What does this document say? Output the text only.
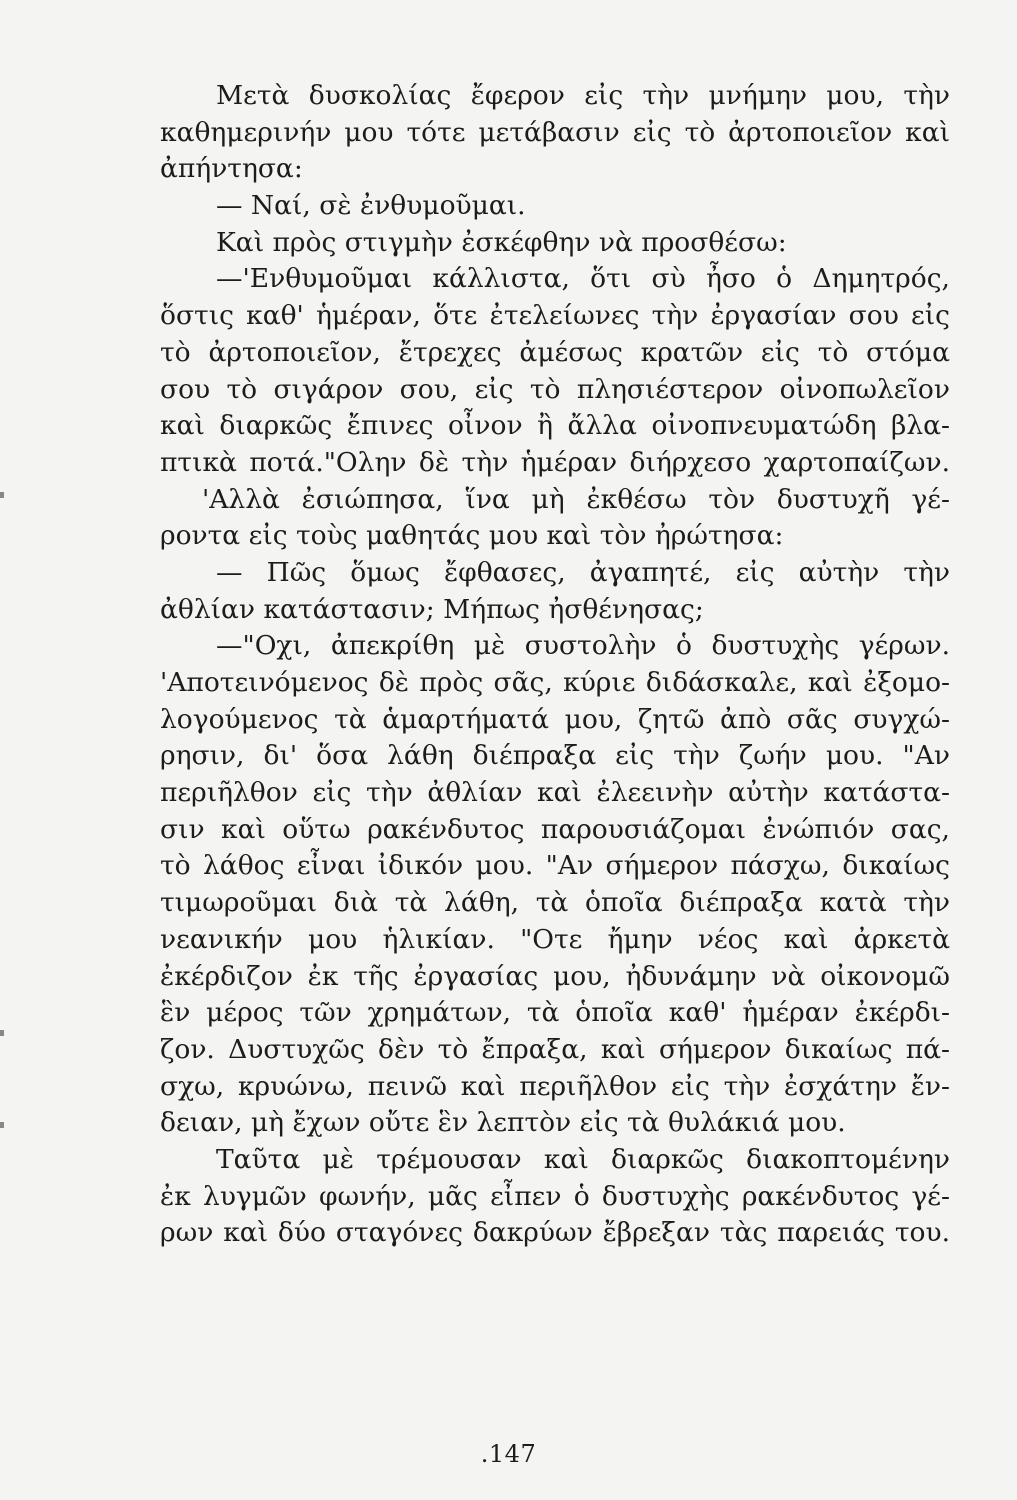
Μετὰ δυσκολίας ἔφερον εἰς τὴν μνήμην μου, τὴν
καθημερινήν μου τότε μετάβασιν εἰς τὸ ἀρτοποιεῖον καὶ
ἀπήντησα:
— Ναί, σὲ ἐνθυμοῦμαι.
Καὶ πρὸς στιγμὴν ἐσκέφθην νὰ προσθέσω:
—'Ενθυμοῦμαι κάλλιστα, ὅτι σὺ ἦσο ὁ Δημητρός,
ὅστις καθ' ἡμέραν, ὅτε ἐτελείωνες τὴν ἐργασίαν σου εἰς
τὸ ἀρτοποιεῖον, ἔτρεχες ἀμέσως κρατῶν εἰς τὸ στόμα
σου τὸ σιγάρον σου, εἰς τὸ πλησιέστερον οἰνοπωλεῖον
καὶ διαρκῶς ἔπινες οἶνον ἢ ἄλλα οἰνοπνευματώδη βλα-
πτικὰ ποτά."Ολην δὲ τὴν ἡμέραν διήρχεσο χαρτοπαίζων.
'Αλλὰ ἐσιώπησα, ἵνα μὴ ἐκθέσω τὸν δυστυχῆ γέ-
ροντα εἰς τοὺς μαθητάς μου καὶ τὸν ἠρώτησα:
— Πῶς ὅμως ἔφθασες, ἀγαπητέ, εἰς αὐτὴν τὴν
ἀθλίαν κατάστασιν; Μήπως ἠσθένησας;
—"Οχι, ἀπεκρίθη μὲ συστολὴν ὁ δυστυχὴς γέρων.
'Αποτεινόμενος δὲ πρὸς σᾶς, κύριε διδάσκαλε, καὶ ἐξομο-
λογούμενος τὰ ἁμαρτήματά μου, ζητῶ ἀπὸ σᾶς συγχώ-
ρησιν, δι' ὅσα λάθη διέπραξα εἰς τὴν ζωήν μου. "Αν
περιῆλθον εἰς τὴν ἀθλίαν καὶ ἐλεεινὴν αὐτὴν κατάστα-
σιν καὶ οὕτω ρακένδυτος παρουσιάζομαι ἐνώπιόν σας,
τὸ λάθος εἶναι ἰδικόν μου. "Αν σήμερον πάσχω, δικαίως
τιμωροῦμαι διὰ τὰ λάθη, τὰ ὁποῖα διέπραξα κατὰ τὴν
νεανικήν μου ἡλικίαν. "Οτε ἤμην νέος καὶ ἀρκετὰ
ἐκέρδιζον ἐκ τῆς ἐργασίας μου, ἠδυνάμην νὰ οἰκονομῶ
ἓν μέρος τῶν χρημάτων, τὰ ὁποῖα καθ' ἡμέραν ἐκέρδι-
ζον. Δυστυχῶς δὲν τὸ ἔπραξα, καὶ σήμερον δικαίως πά-
σχω, κρυώνω, πεινῶ καὶ περιῆλθον εἰς τὴν ἐσχάτην ἔν-
δειαν, μὴ ἔχων οὔτε ἓν λεπτὸν εἰς τὰ θυλάκιά μου.
Ταῦτα μὲ τρέμουσαν καὶ διαρκῶς διακοπτομένην
ἐκ λυγμῶν φωνήν, μᾶς εἶπεν ὁ δυστυχὴς ρακένδυτος γέ-
ρων καὶ δύο σταγόνες δακρύων ἔβρεξαν τὰς παρειάς του.
.147
